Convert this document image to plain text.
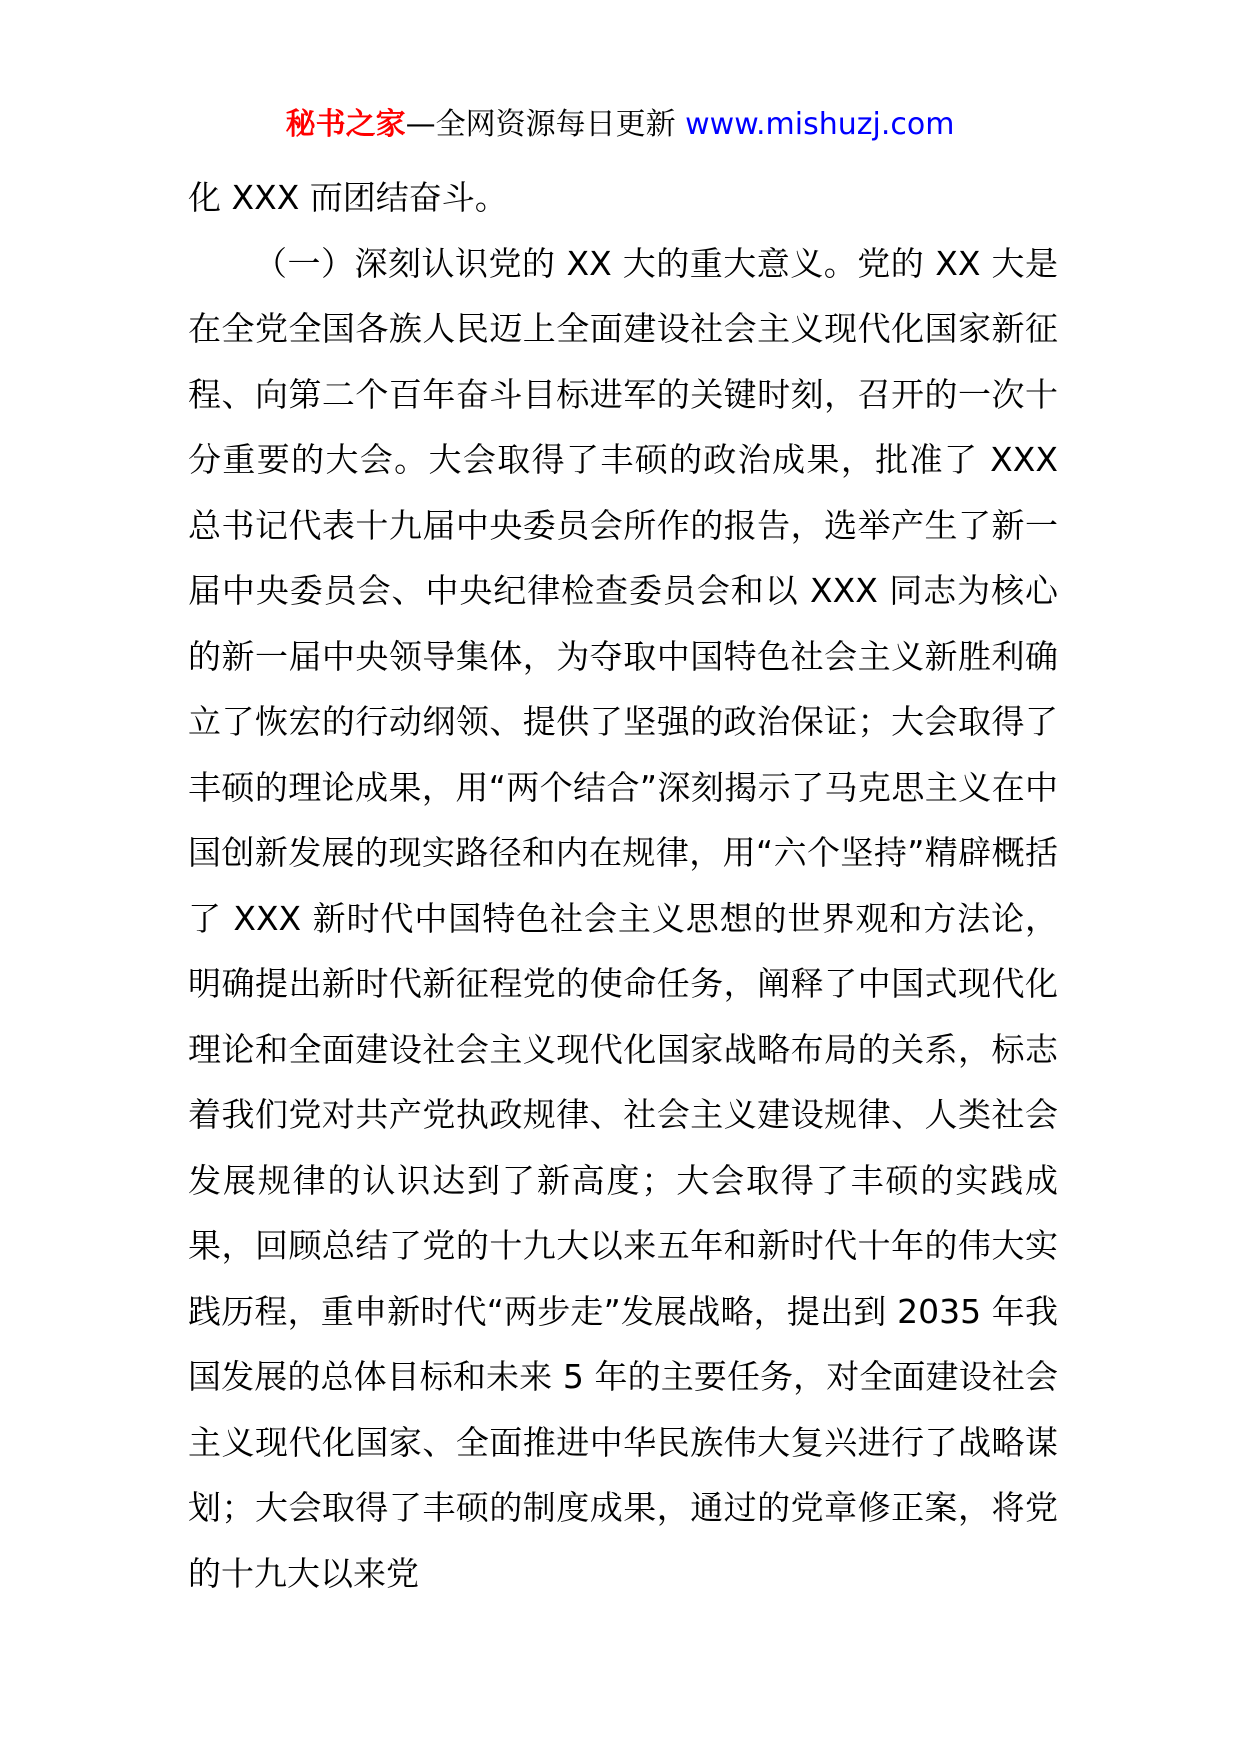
秘书之家—全网资源每日更新 www.mishuzj.com

化 XXX 而团结奋斗。

（一）深刻认识党的 XX 大的重大意义。党的 XX 大是在全党全国各族人民迈上全面建设社会主义现代化国家新征程、向第二个百年奋斗目标进军的关键时刻，召开的一次十分重要的大会。大会取得了丰硕的政治成果，批准了 XXX 总书记代表十九届中央委员会所作的报告，选举产生了新一届中央委员会、中央纪律检查委员会和以 XXX 同志为核心的新一届中央领导集体，为夺取中国特色社会主义新胜利确立了恢宏的行动纲领、提供了坚强的政治保证；大会取得了丰硕的理论成果，用“两个结合”深刻揭示了马克思主义在中国创新发展的现实路径和内在规律，用“六个坚持”精辟概括了 XXX 新时代中国特色社会主义思想的世界观和方法论，明确提出新时代新征程党的使命任务，阐释了中国式现代化理论和全面建设社会主义现代化国家战略布局的关系，标志着我们党对共产党执政规律、社会主义建设规律、人类社会发展规律的认识达到了新高度；大会取得了丰硕的实践成果，回顾总结了党的十九大以来五年和新时代十年的伟大实践历程，重申新时代“两步走”发展战略，提出到 2035 年我国发展的总体目标和未来 5 年的主要任务，对全面建设社会主义现代化国家、全面推进中华民族伟大复兴进行了战略谋划；大会取得了丰硕的制度成果，通过的党章修正案，将党的十九大以来党
